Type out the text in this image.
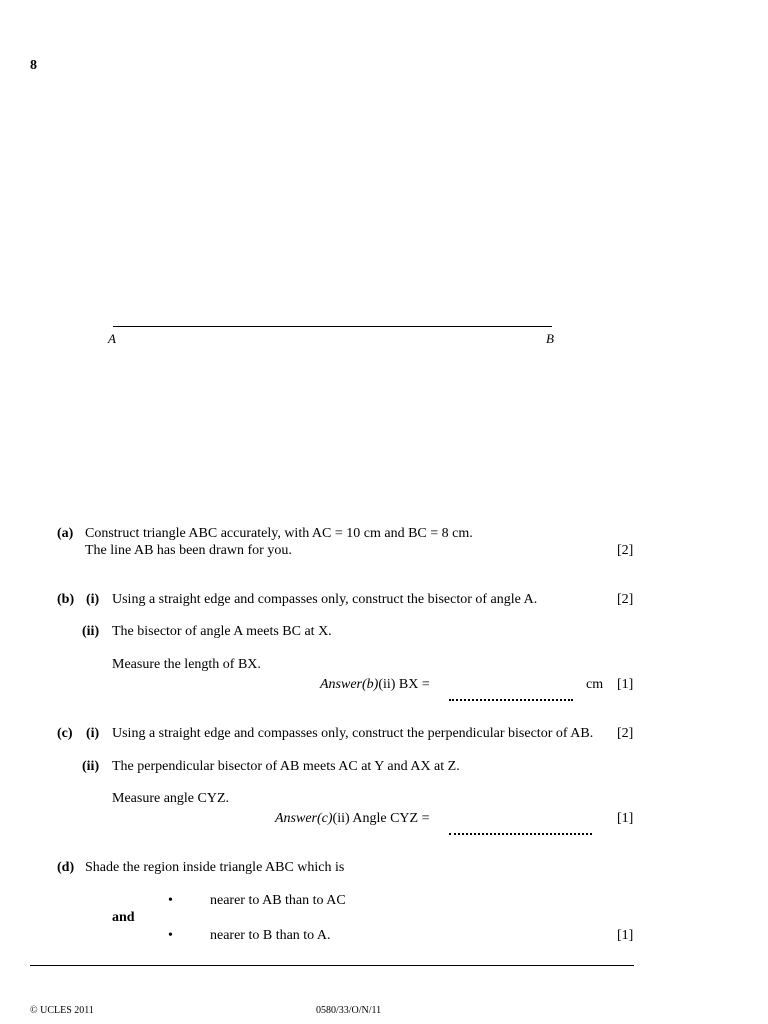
8
A	B
(a) Construct triangle ABC accurately, with AC = 10 cm and BC = 8 cm.
The line AB has been drawn for you.	[2]
(b) (i) Using a straight edge and compasses only, construct the bisector of angle A.	[2]
(ii) The bisector of angle A meets BC at X.
Measure the length of BX.
Answer(b)(ii) BX =	cm [1]
(c) (i) Using a straight edge and compasses only, construct the perpendicular bisector of AB. [2]
(ii) The perpendicular bisector of AB meets AC at Y and AX at Z.
Measure angle CYZ.
Answer(c)(ii) Angle CYZ =	[1]
(d) Shade the region inside triangle ABC which is
•	nearer to AB than to AC
and
•	nearer to B than to A.	[1]
© UCLES 2011	0580/33/O/N/11
